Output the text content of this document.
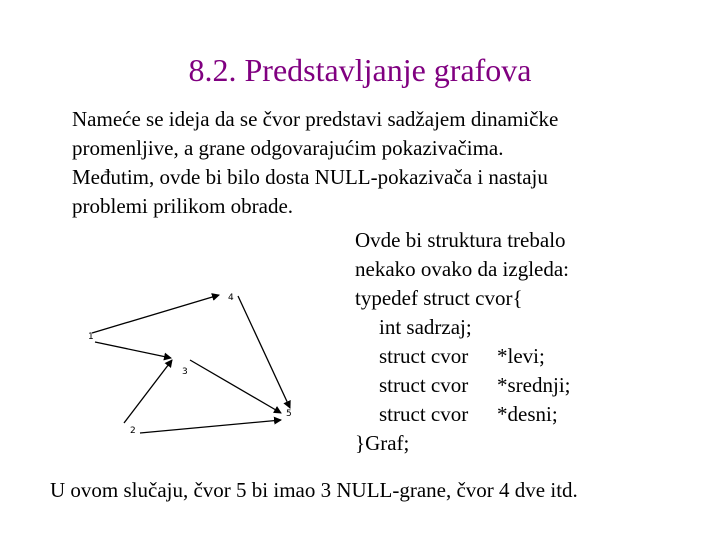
8.2. Predstavljanje grafova
Nameće se ideja da se čvor predstavi sadžajem dinamičke
promenljive, a grane odgovarajućim pokazivačima.
Međutim, ovde bi bilo dosta NULL-pokazivača i nastaju
problemi prilikom obrade.
Ovde bi struktura trebalo
nekako ovako da izgleda:
typedef struct cvor{
int sadrzaj;
struct cvor *levi;
struct cvor *srednji;
struct cvor *desni;
}Graf;
1
2
3
4
5
U ovom slučaju, čvor 5 bi imao 3 NULL-grane, čvor 4 dve itd.
